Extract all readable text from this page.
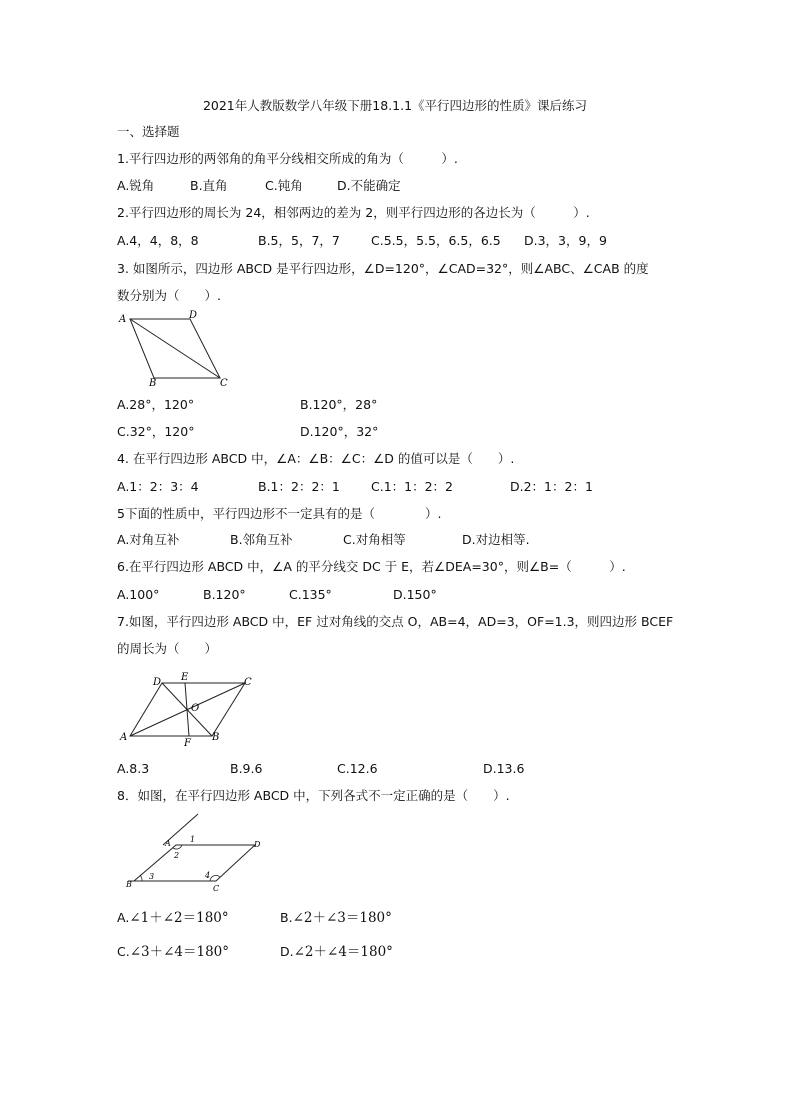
2021年人教版数学八年级下册18.1.1《平行四边形的性质》课后练习
一、选择题
1.平行四边形的两邻角的角平分线相交所成的角为（　　　）.
A.锐角	B.直角	C.钝角	D.不能确定
2.平行四边形的周长为 24，相邻两边的差为 2，则平行四边形的各边长为（　　　）.
A.4，4，8，8	B.5，5，7，7 C.5.5，5.5，6.5，6.5 D.3，3，9，9
3. 如图所示，四边形 ABCD 是平行四边形，∠D=120°，∠CAD=32°，则∠ABC、∠CAB 的度
数分别为（　　）.
A	D
B	C
A.28°，120°	B.120°，28°
C.32°，120°	D.120°，32°
4. 在平行四边形 ABCD 中，∠A：∠B：∠C：∠D 的值可以是（　　）.
A.1：2：3：4	B.1：2：2：1 C.1：1：2：2	D.2：1：2：1
5下面的性质中，平行四边形不一定具有的是（　　　　）.
A.对角互补	B.邻角互补	C.对角相等	D.对边相等.
6.在平行四边形 ABCD 中，∠A 的平分线交 DC 于 E，若∠DEA=30°，则∠B=（　　　）.
A.100°	B.120°	C.135°	D.150°
7.如图，平行四边形 ABCD 中，EF 过对角线的交点 O，AB=4，AD=3，OF=1.3，则四边形 BCEF
的周长为（　　）
D E	C
O
A
F
B
A.8.3	B.9.6	C.12.6	D.13.6
8．如图，在平行四边形 ABCD 中，下列各式不一定正确的是（　　）.
A 1
2
D
B
3	4
C
A.∠1＋∠2＝180°	B.∠2＋∠3＝180°
C.∠3＋∠4＝180°	D.∠2＋∠4＝180°
